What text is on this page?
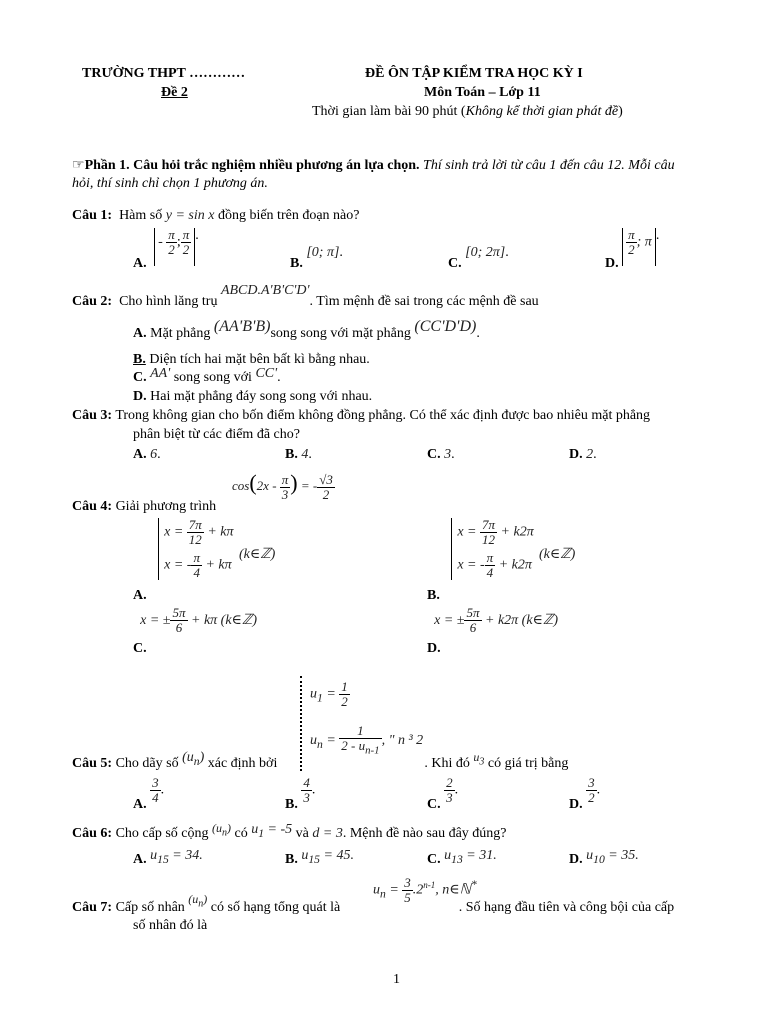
TRƯỜNG THPT …………
Đề 2
ĐỀ ÔN TẬP KIỂM TRA HỌC KỲ I
Môn Toán – Lớp 11
Thời gian làm bài 90 phút (Không kể thời gian phát đề)
☞Phần 1. Câu hỏi trắc nghiệm nhiều phương án lựa chọn. Thí sinh trả lời từ câu 1 đến câu 12. Mỗi câu
hỏi, thí sinh chỉ chọn 1 phương án.
Câu 1: Hàm số y = sin x đồng biến trên đoạn nào?
A. - $\frac{\pi}{2}$ ; $\frac{\pi}{2}$ .
B. [0; π].
C. [0; 2π].
D.
$\frac{\pi}{2}$ ; π .
Câu 2: Cho hình lăng trụ ABCD.A'B'C'D'. Tìm mệnh đề sai trong các mệnh đề sau
A. Mặt phẳng (AA'B'B)song song với mặt phẳng (CC'D'D).
B. Diện tích hai mặt bên bất kì bằng nhau.
C. AA' song song với CC'.
D. Hai mặt phẳng đáy song song với nhau.
Câu 3: Trong không gian cho bốn điểm không đồng phẳng. Có thể xác định được bao nhiêu mặt phẳng
phân biệt từ các điểm đã cho?
A. 6.	B. 4.	C. 3.	D. 2.
$\cos(2x - \frac{\pi}{3}$ ) = - $\frac{√3}{2}$
Câu 4: Giải phương trình
A.
$x = \frac{7\pi}{12} + k\pi$
x = - $\frac{\pi}{4} + k\pi$
(k∈ℤ)
B.
$x = \frac{7\pi}{12} + k2\pi$
x = - $\frac{\pi}{4} + k2\pi$
(k∈ℤ)
C. x = ± $\frac{5\pi}{6} + k\pi$ (k∈ℤ)
D. x = ± $\frac{5\pi}{6} + k2\pi$ (k∈ℤ)
$u_1 = \frac{1}{2}$
$u_n = \frac{1}{2 - u_{n-1}}$ , " n ³ 2
Câu 5: Cho dãy số $(u_n)$ xác định bởi	. Khi đó $u_3$ có giá trị bằng
A. $\frac{3}{4}$ .
B. $\frac{4}{3}$ .
C. $\frac{2}{3}$ .
D. $\frac{3}{2}$ .
Câu 6: Cho cấp số cộng $(u_n)$ có $u_1 = -5$ và d = 3. Mệnh đề nào sau đây đúng?
A. $u_{15} = 34$.	B. $u_{15} = 45$.	C. $u_{13} = 31$.	D. $u_{10} = 35$.
$u_n = \frac{3}{5} .2^{n-1}$, n∈ℕ*
Câu 7: Cấp số nhân $(u_n)$ có số hạng tổng quát là	. Số hạng đầu tiên và công bội của cấp
số nhân đó là
1
